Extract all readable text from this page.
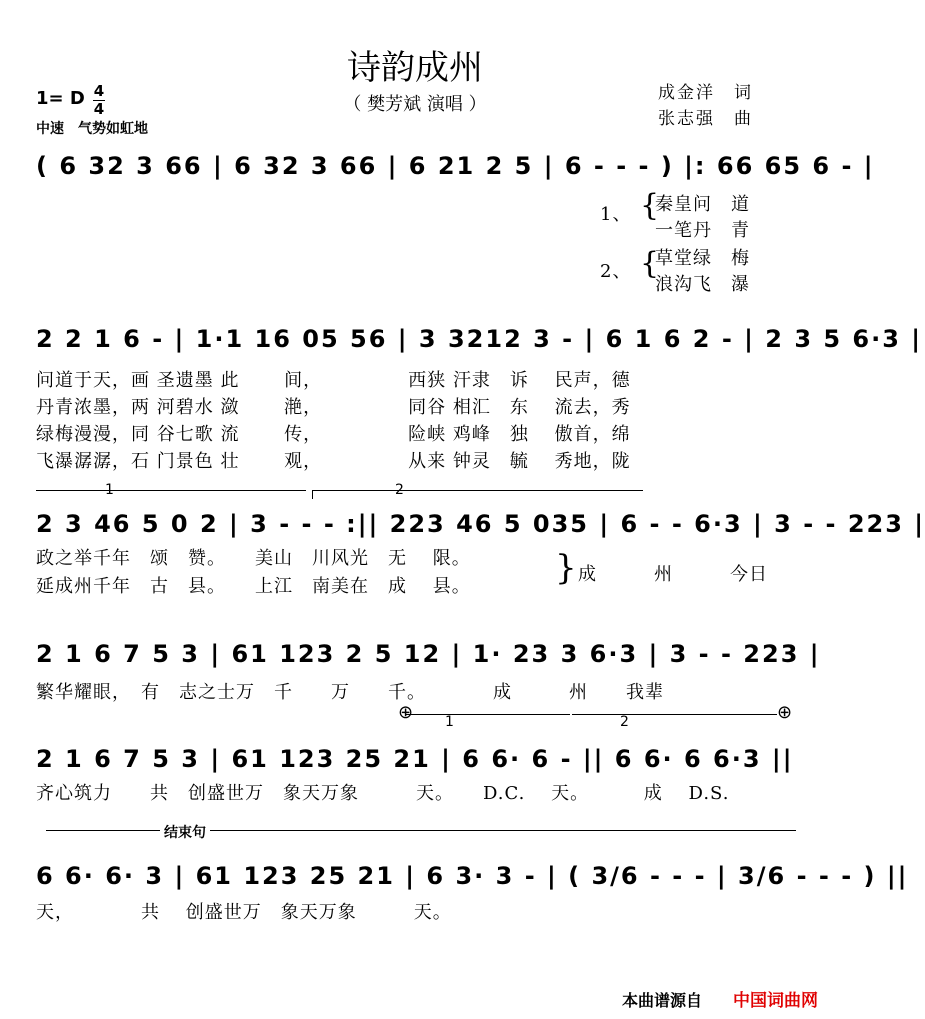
诗韵成州
（ 樊芳斌 演唱 ）
成金洋　词
张志强　曲
1= D 4
4
中速　气势如虹地
( 6 32 3 66 | 6 32 3 66 | 6 21 2 5 | 6 - - - ) |: 66 65 6 - |
1、 {
秦皇问　道
一笔丹　青
2、 {
草堂绿　梅
浪沟飞　瀑
2 2 1 6 - | 1·1 16 05 56 | 3 3212 3 - | 6 1 6 2 - | 2 3 5 6·3 |
问道于天，画 圣遗墨 此　　 间，　　　　　西狭 汗隶　诉　 民声，德
丹青浓墨，两 河碧水 潋　　 滟，　　　　　同谷 相汇　东　 流去，秀
绿梅漫漫，同 谷七歌 流　　 传，　　　　　险峡 鸡峰　独　 傲首，绵
飞瀑潺潺，石 门景色 壮　　 观，　　　　　从来 钟灵　毓　 秀地，陇
1	2
2 3 46 5 0 2 | 3 - - - :|| 223 46 5 035 | 6 - - 6·3 | 3 - - 223 |
政之举千年　颂　赞。　　美山　川风光　无　 限。
延成州千年　古　县。　　上江　南美在　成　 县。 } 成　　　州　　　今日
2 1 6 7 5 3 | 61 123 2 5 12 | 1· 23 3 6·3 | 3 - - 223 |
繁华耀眼，　有　志之士万　千　　万　　千。　　　　成　　　州　　我辈
1	2
⊕	⊕
2 1 6 7 5 3 | 61 123 25 21 | 6 6· 6 - || 6 6· 6 6·3 ||
齐心筑力　　共　创盛世万　象天万象　　　天。　　D.C.　 天。　　　 成　 D.S.
结束句
6 6· 6· 3 | 61 123 25 21 | 6 3· 3 - | ( 3/6 - - - | 3/6 - - - ) ||
天，　　　　共　 创盛世万　象天万象　　　天。
本曲谱源自 中国词曲网
